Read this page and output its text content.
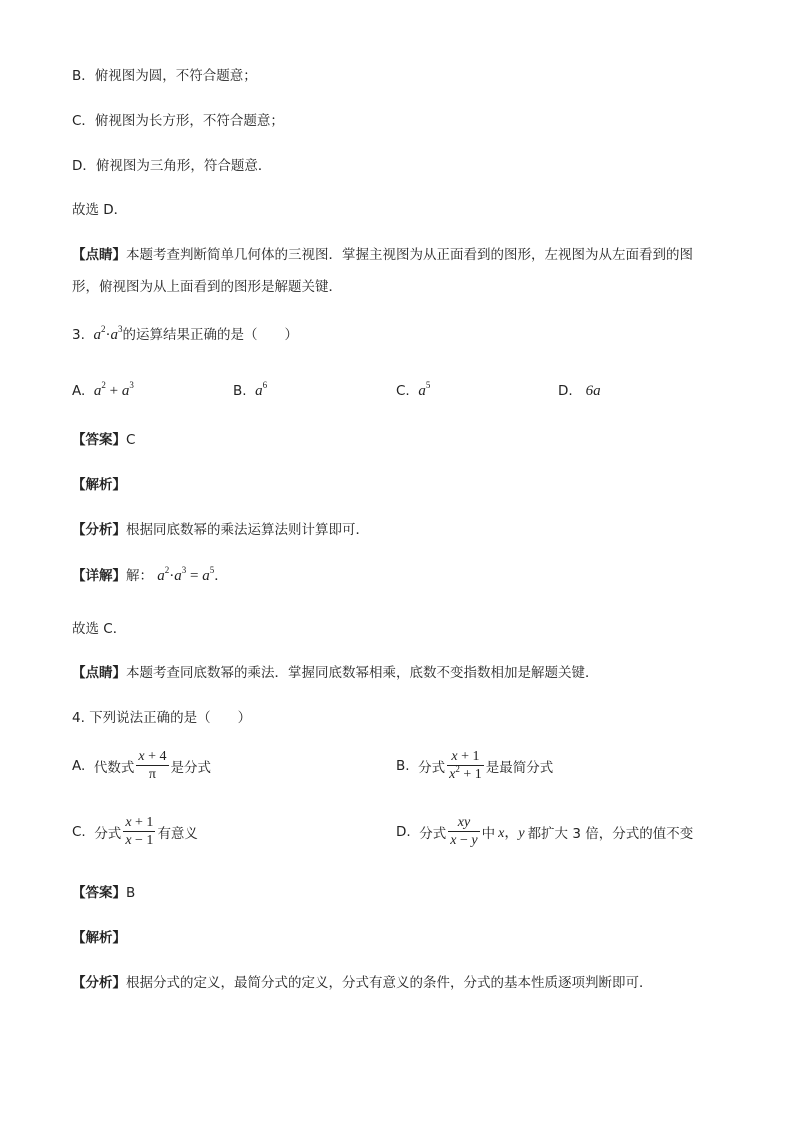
B．俯视图为圆，不符合题意；
C．俯视图为长方形，不符合题意；
D．俯视图为三角形，符合题意．
故选 D．
【点睛】本题考查判断简单几何体的三视图．掌握主视图为从正面看到的图形，左视图为从左面看到的图
形，俯视图为从上面看到的图形是解题关键．
3. $a^2\cdot a^3$的运算结果正确的是（　　）
A. $a^2 + a^3$	B. $a^6$	C. $a^5$	D. 6a
【答案】C
【解析】
【分析】根据同底数幂的乘法运算法则计算即可．
【详解】解： $a^2\cdot a^3 = a^5$．
故选 C．
【点睛】本题考查同底数幂的乘法．掌握同底数幂相乘，底数不变指数相加是解题关键．
4. 下列说法正确的是（　　）
A.
代数式 $\frac{x + 4}{\pi}$ 是分式	B.
分式 $\frac{x + 1}{x^2 + 1}$ 是最简分式
C.
分式 $\frac{x + 1}{x - 1}$ 有意义	D.
分式 $\frac{xy}{x - y}$ 中 x，y 都扩大 3 倍，分式的值不变
【答案】B
【解析】
【分析】根据分式的定义，最简分式的定义，分式有意义的条件，分式的基本性质逐项判断即可．
